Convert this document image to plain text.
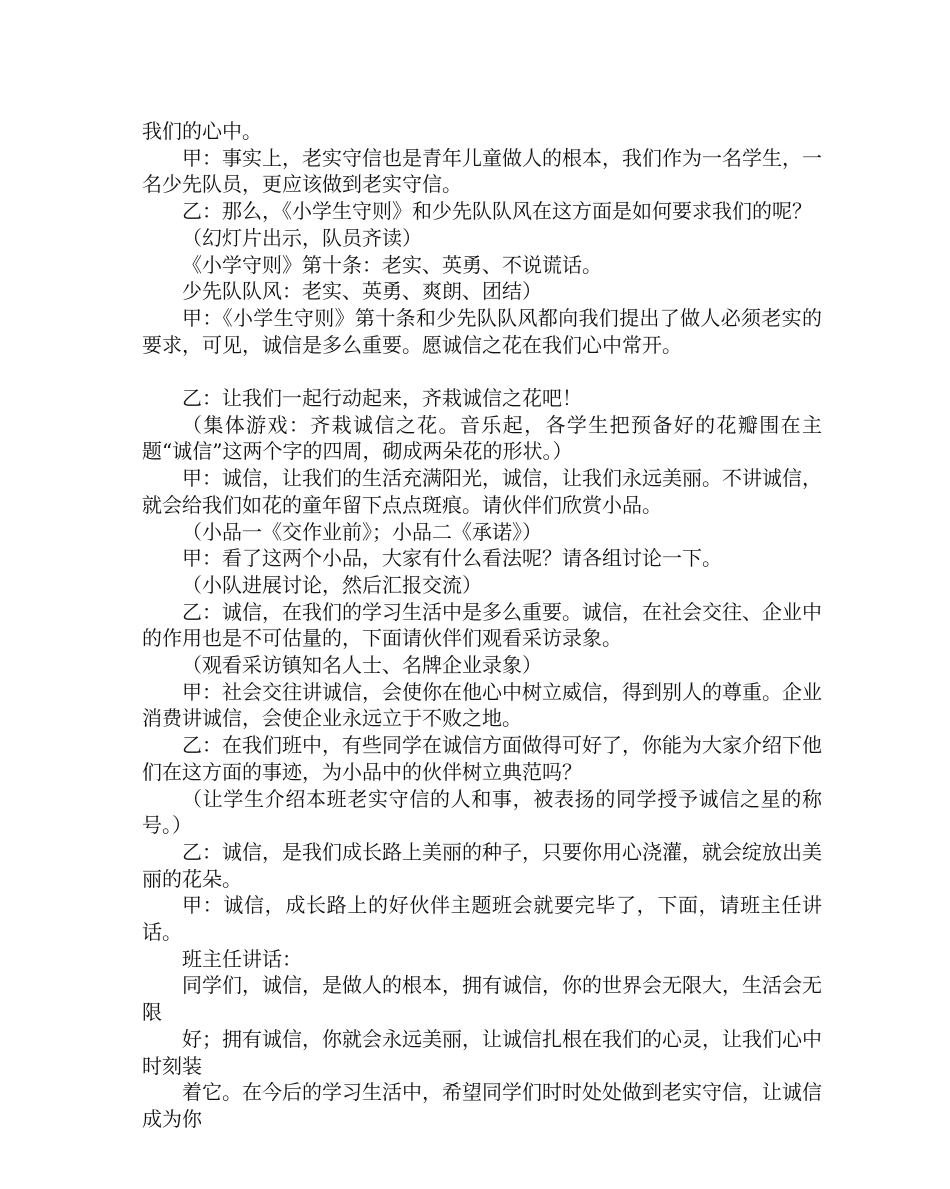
我们的心中。

甲：事实上，老实守信也是青年儿童做人的根本，我们作为一名学生，一名少先队员，更应该做到老实守信。

乙：那么，《小学生守则》和少先队队风在这方面是如何要求我们的呢？

（幻灯片出示，队员齐读）

《小学守则》第十条：老实、英勇、不说谎话。

少先队队风：老实、英勇、爽朗、团结）

甲：《小学生守则》第十条和少先队队风都向我们提出了做人必须老实的要求，可见，诚信是多么重要。愿诚信之花在我们心中常开。

乙：让我们一起行动起来，齐栽诚信之花吧！

（集体游戏：齐栽诚信之花。音乐起，各学生把预备好的花瓣围在主题“诚信”这两个字的四周，砌成两朵花的形状。）

甲：诚信，让我们的生活充满阳光，诚信，让我们永远美丽。不讲诚信，就会给我们如花的童年留下点点斑痕。请伙伴们欣赏小品。

（小品一《交作业前》；小品二《承诺》）

甲：看了这两个小品，大家有什么看法呢？请各组讨论一下。

（小队进展讨论，然后汇报交流）

乙：诚信，在我们的学习生活中是多么重要。诚信，在社会交往、企业中的作用也是不可估量的，下面请伙伴们观看采访录象。

（观看采访镇知名人士、名牌企业录象）

甲：社会交往讲诚信，会使你在他心中树立威信，得到别人的尊重。企业消费讲诚信，会使企业永远立于不败之地。

乙：在我们班中，有些同学在诚信方面做得可好了，你能为大家介绍下他们在这方面的事迹，为小品中的伙伴树立典范吗？

（让学生介绍本班老实守信的人和事，被表扬的同学授予诚信之星的称号。）

乙：诚信，是我们成长路上美丽的种子，只要你用心浇灌，就会绽放出美丽的花朵。

甲：诚信，成长路上的好伙伴主题班会就要完毕了，下面，请班主任讲话。

班主任讲话：

同学们，诚信，是做人的根本，拥有诚信，你的世界会无限大，生活会无限

好；拥有诚信，你就会永远美丽，让诚信扎根在我们的心灵，让我们心中时刻装

着它。在今后的学习生活中，希望同学们时时处处做到老实守信，让诚信成为你
